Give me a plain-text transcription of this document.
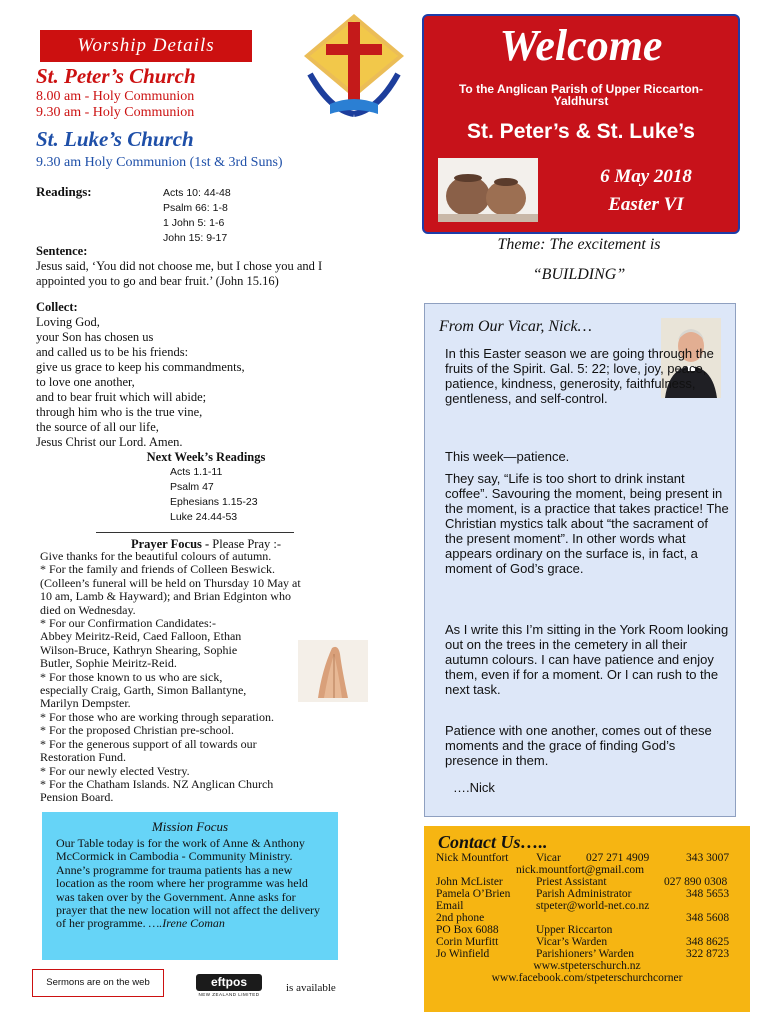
Worship Details
St. Peter’s Church
8.00 am - Holy Communion
9.30 am - Holy Communion
St. Luke’s Church
9.30 am Holy Communion (1st & 3rd Suns)
Readings:	Acts 10: 44-48
Psalm 66: 1-8
1 John 5: 1-6
John 15: 9-17
Sentence:
Jesus said, ‘You did not choose me, but I chose you and I appointed you to go and bear fruit.’ (John 15.16)
Collect:
Loving God,
your Son has chosen us
and called us to be his friends:
give us grace to keep his commandments,
to love one another,
and to bear fruit which will abide;
through him who is the true vine,
the source of all our life,
Jesus Christ our Lord. Amen.
Next Week’s Readings
Acts 1.1-11
Psalm 47
Ephesians 1.15-23
Luke 24.44-53
Prayer Focus - Please Pray :-
Give thanks for the beautiful colours of autumn.
* For the family and friends of Colleen Beswick.
(Colleen’s funeral will be held on Thursday 10 May at
10 am, Lamb & Hayward); and Brian Edginton who
died on Wednesday.
* For our Confirmation Candidates:-
Abbey Meiritz-Reid, Caed Falloon, Ethan
Wilson-Bruce, Kathryn Shearing, Sophie
Butler, Sophie Meiritz-Reid.
* For those known to us who are sick,
especially Craig, Garth, Simon Ballantyne,
Marilyn Dempster.
* For those who are working through separation.
* For the proposed Christian pre-school.
* For the generous support of all towards our
Restoration Fund.
* For our newly elected Vestry.
* For the Chatham Islands. NZ Anglican Church
Pension Board.
Mission Focus
Our Table today is for the work of Anne & Anthony McCormick in Cambodia - Community Ministry. Anne’s programme for trauma patients has a new location as the room where her programme was held was taken over by the Government. Anne asks for prayer that the new location will not affect the delivery of her programme. ….Irene Coman
Sermons are on the web	eftpos
NEW ZEALAND LIMITED
is available
Welcome
To the Anglican Parish of Upper Riccarton-Yaldhurst
St. Peter’s & St. Luke’s
6 May 2018
Easter VI
Theme: The excitement is
“BUILDING”
From Our Vicar, Nick…
In this Easter season we are going through the fruits of the Spirit. Gal. 5: 22; love, joy, peace, patience, kindness, generosity, faithfulness, gentleness, and self-control.
This week—patience.
They say, “Life is too short to drink instant coffee”. Savouring the moment, being present in the moment, is a practice that takes practice! The Christian mystics talk about “the sacrament of the present moment”. In other words what appears ordinary on the surface is, in fact, a moment of God’s grace.
As I write this I’m sitting in the York Room looking out on the trees in the cemetery in all their autumn colours. I can have patience and enjoy them, even if for a moment. Or I can rush to the next task.
Patience with one another, comes out of these moments and the grace of finding God’s presence in them.
….Nick
Contact Us…..
Nick Mountfort Vicar 027 271 4909	343 3007
nick.mountfort@gmail.com
John McLister	Priest Assistant	027 890 0308
Pamela O’Brien Parish Administrator	348 5653
Email	stpeter@world-net.co.nz
2nd phone	348 5608
PO Box 6088	Upper Riccarton
Corin Murfitt	Vicar’s Warden	348 8625
Jo Winfield	Parishioners’ Warden	322 8723
www.stpeterschurch.nz
www.facebook.com/stpeterschurchcorner
